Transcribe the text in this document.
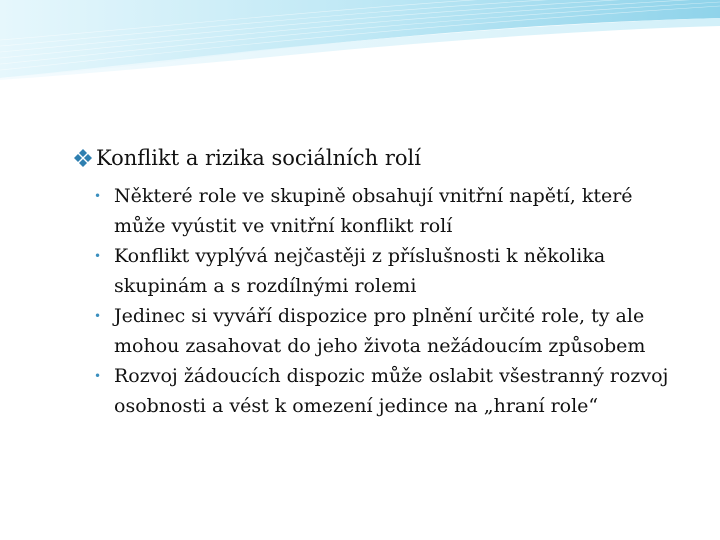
Konflikt a rizika sociálních rolí
• Některé role ve skupině obsahují vnitřní napětí, které může vyústit ve vnitřní konflikt rolí
• Konflikt vyplývá nejčastěji z příslušnosti k několika skupinám a s rozdílnými rolemi
• Jedinec si vyváří dispozice pro plnění určité role, ty ale mohou zasahovat do jeho života nežádoucím způsobem
• Rozvoj žádoucích dispozic může oslabit všestranný rozvoj osobnosti a vést k omezení jedince na „hraní role“
